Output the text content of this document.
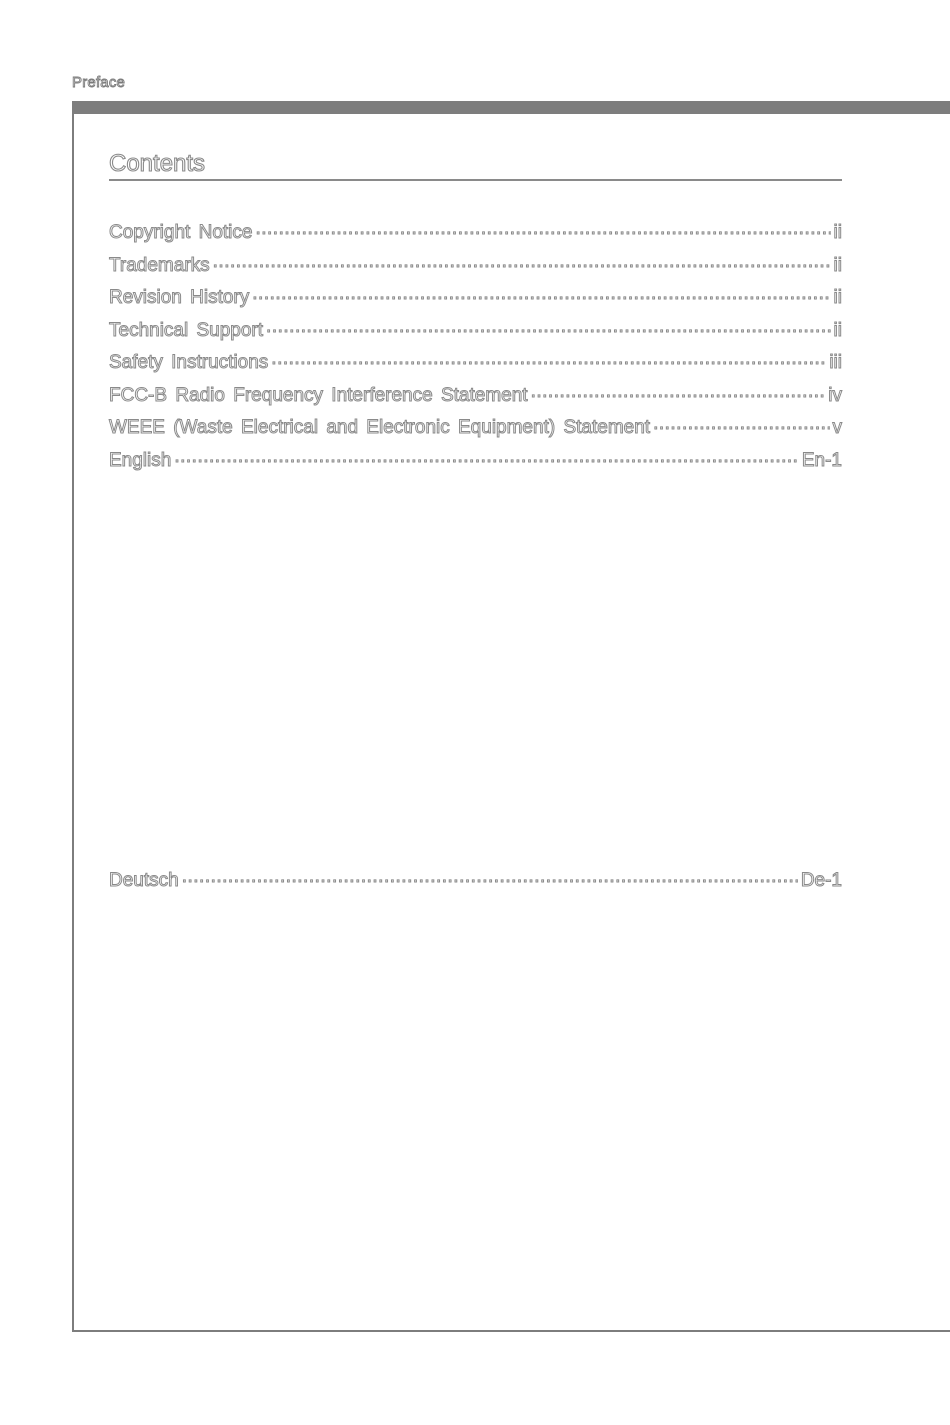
Preface
Contents
Copyright Notice .....	ii
Trademarks .....	ii
Revision History .....	ii
Technical Support .....	ii
Safety Instructions .....	iii
FCC-B Radio Frequency Interference Statement .....	iv
WEEE (Waste Electrical and Electronic Equipment) Statement .....	v
English .....	En-1
Deutsch .....	De-1
